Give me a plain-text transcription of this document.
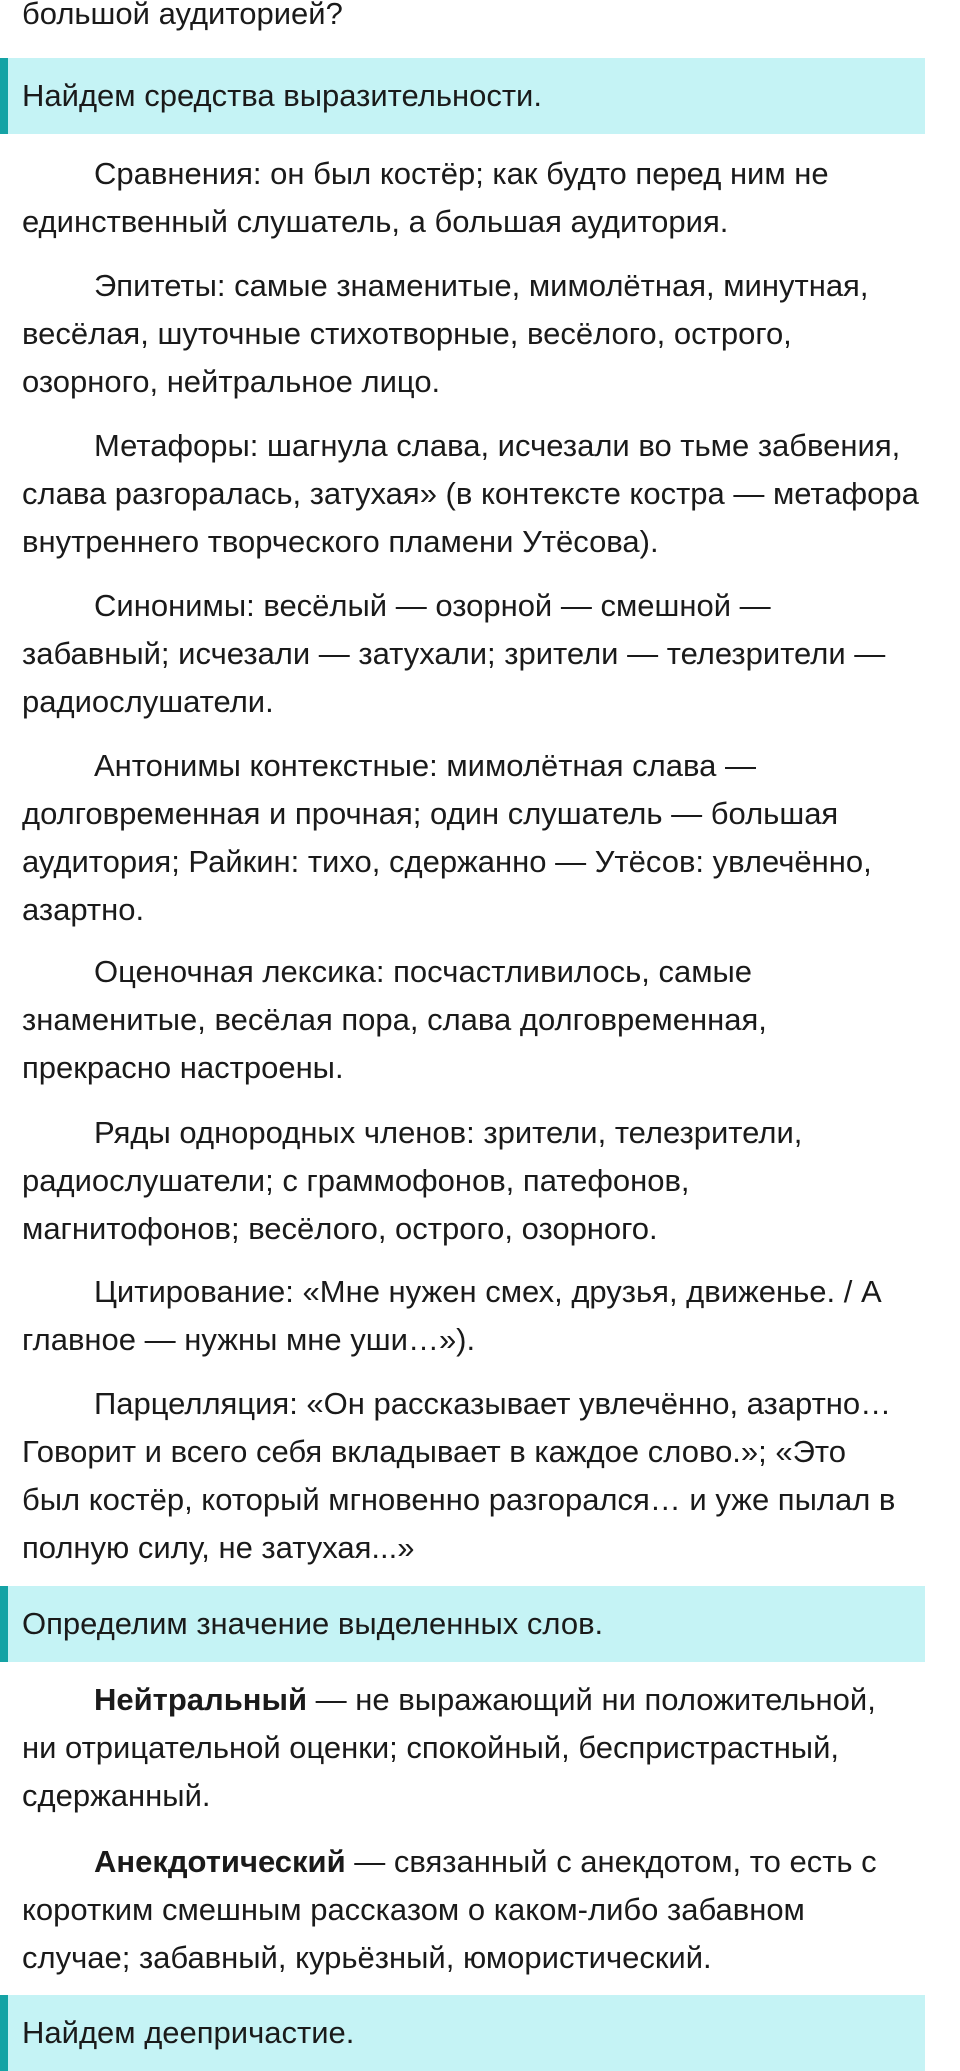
большой аудиторией?
Найдем средства выразительности.
Сравнения: он был костёр; как будто перед ним не
единственный слушатель, а большая аудитория.
Эпитеты: самые знаменитые, мимолётная, минутная,
весёлая, шуточные стихотворные, весёлого, острого,
озорного, нейтральное лицо.
Метафоры: шагнула слава, исчезали во тьме забвения,
слава разгоралась, затухая» (в контексте костра — метафора
внутреннего творческого пламени Утёсова).
Синонимы: весёлый — озорной — смешной —
забавный; исчезали — затухали; зрители — телезрители —
радиослушатели.
Антонимы контекстные: мимолётная слава —
долговременная и прочная; один слушатель — большая
аудитория; Райкин: тихо, сдержанно — Утёсов: увлечённо,
азартно.
Оценочная лексика: посчастливилось, самые
знаменитые, весёлая пора, слава долговременная,
прекрасно настроены.
Ряды однородных членов: зрители, телезрители,
радиослушатели; с граммофонов, патефонов,
магнитофонов; весёлого, острого, озорного.
Цитирование: «Мне нужен смех, друзья, движенье. / А
главное — нужны мне уши…»).
Парцелляция: «Он рассказывает увлечённо, азартно…
Говорит и всего себя вкладывает в каждое слово.»; «Это
был костёр, который мгновенно разгорался… и уже пылал в
полную силу, не затухая...»
Определим значение выделенных слов.
Нейтральный — не выражающий ни положительной,
ни отрицательной оценки; спокойный, беспристрастный,
сдержанный.
Анекдотический — связанный с анекдотом, то есть с
коротким смешным рассказом о каком-либо забавном
случае; забавный, курьёзный, юмористический.
Найдем деепричастие.
